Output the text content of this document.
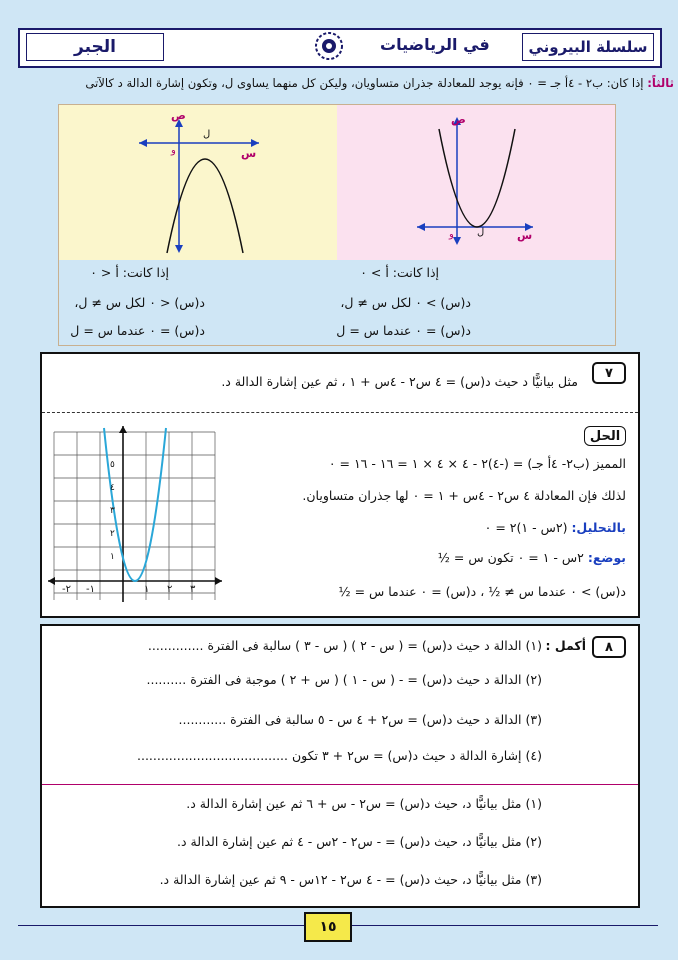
الجبر	في الرياضيات	سلسلة البيروني
ثالثاً: إذا كان: ب٢ - ٤أ جـ = ٠ فإنه يوجد للمعادلة جذران متساويان، وليكن كل منهما يساوى ل، وتكون إشارة الدالة د كالآتى
ص
س
و
ل
ص
س
و ل
إذا كانت: أ > ٠
د(س) > ٠ لكل س ≠ ل،
د(س) = ٠ عندما س = ل
إذا كانت: أ < ٠
د(س) < ٠ لكل س ≠ ل،
د(س) = ٠ عندما س = ل
٧
مثل بيانيًّا د حيث د(س) = ٤ س٢ - ٤س + ١ ، ثم عين إشارة الدالة د.
الحل
المميز (ب٢- ٤أ جـ) = (-٤)٢ - ٤ × ٤ × ١ = ١٦ - ١٦ = ٠
لذلك فإن المعادلة ٤ س٢ - ٤س + ١ = ٠ لها جذران متساويان.
بالتحليل: (٢س - ١)٢ = ٠
بوضع: ٢س - ١ = ٠ تكون س = ½
د(س) > ٠ عندما س ≠ ½ ، د(س) = ٠ عندما س = ½
-٢ -١	١ ٢ ٣
١
٢
٣
٤
٥
٨
أكمل :
(١) الدالة د حيث د(س) = ( س - ٢ ) ( س - ٣ ) سالبة فى الفترة ..............
(٢) الدالة د حيث د(س) = - ( س - ١ ) ( س + ٢ ) موجبة فى الفترة ..........
(٣) الدالة د حيث د(س) = س٢ + ٤ س - ٥ سالبة فى الفترة ............
(٤) إشارة الدالة د حيث د(س) = س٢ + ٣ تكون ......................................
(١) مثل بيانيًّا د، حيث د(س) = س٢ - س + ٦ ثم عين إشارة الدالة د.
(٢) مثل بيانيًّا د، حيث د(س) = - س٢ - ٢س - ٤ ثم عين إشارة الدالة د.
(٣) مثل بيانيًّا د، حيث د(س) = - ٤ س٢ - ١٢س - ٩ ثم عين إشارة الدالة د.
١٥
